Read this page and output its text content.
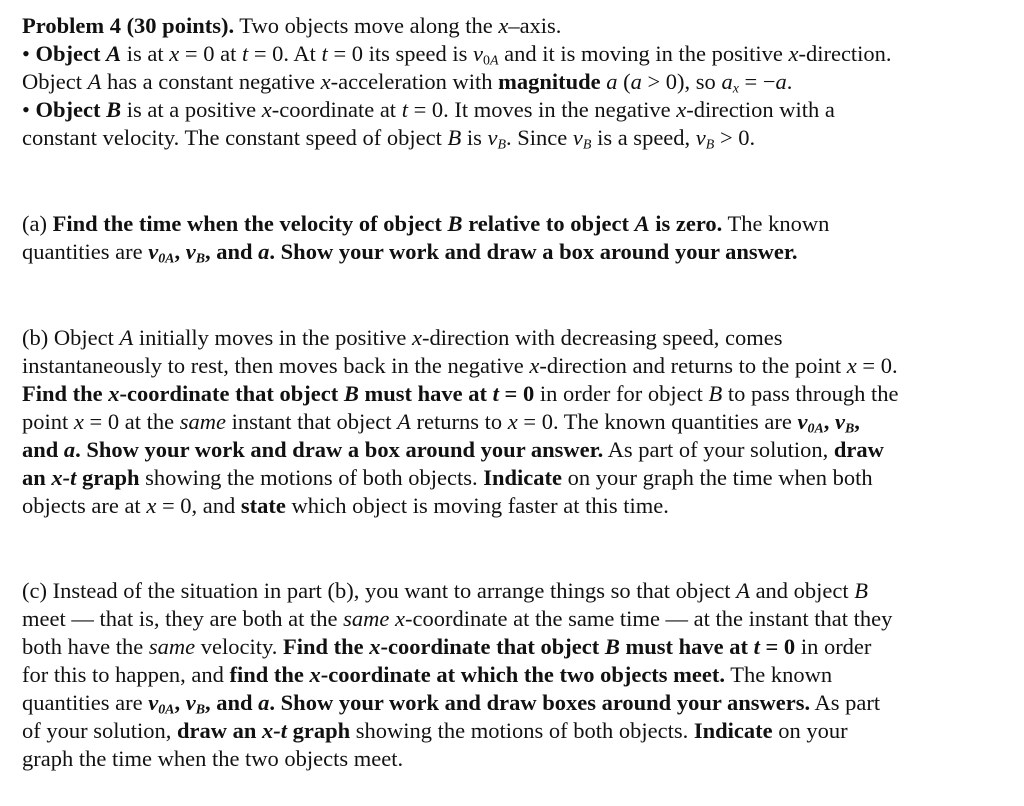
Problem 4 (30 points). Two objects move along the x–axis.
• Object A is at x = 0 at t = 0. At t = 0 its speed is $v_{0A}$ and it is moving in the positive x-direction.
Object A has a constant negative x-acceleration with magnitude a (a > 0), so $a_x = -a$.
• Object B is at a positive x-coordinate at t = 0. It moves in the negative x-direction with a
constant velocity. The constant speed of object B is $v_B$. Since $v_B$ is a speed, $v_B > 0$.
(a) Find the time when the velocity of object B relative to object A is zero. The known
quantities are $v_{0A}$, $v_B$, and a. Show your work and draw a box around your answer.
(b) Object A initially moves in the positive x-direction with decreasing speed, comes
instantaneously to rest, then moves back in the negative x-direction and returns to the point x = 0.
Find the x-coordinate that object B must have at t = 0 in order for object B to pass through the
point x = 0 at the same instant that object A returns to x = 0. The known quantities are $v_{0A}$, $v_B$,
and a. Show your work and draw a box around your answer. As part of your solution, draw
an x-t graph showing the motions of both objects. Indicate on your graph the time when both
objects are at x = 0, and state which object is moving faster at this time.
(c) Instead of the situation in part (b), you want to arrange things so that object A and object B
meet — that is, they are both at the same x-coordinate at the same time — at the instant that they
both have the same velocity. Find the x-coordinate that object B must have at t = 0 in order
for this to happen, and find the x-coordinate at which the two objects meet. The known
quantities are $v_{0A}$, $v_B$, and a. Show your work and draw boxes around your answers. As part
of your solution, draw an x-t graph showing the motions of both objects. Indicate on your
graph the time when the two objects meet.
